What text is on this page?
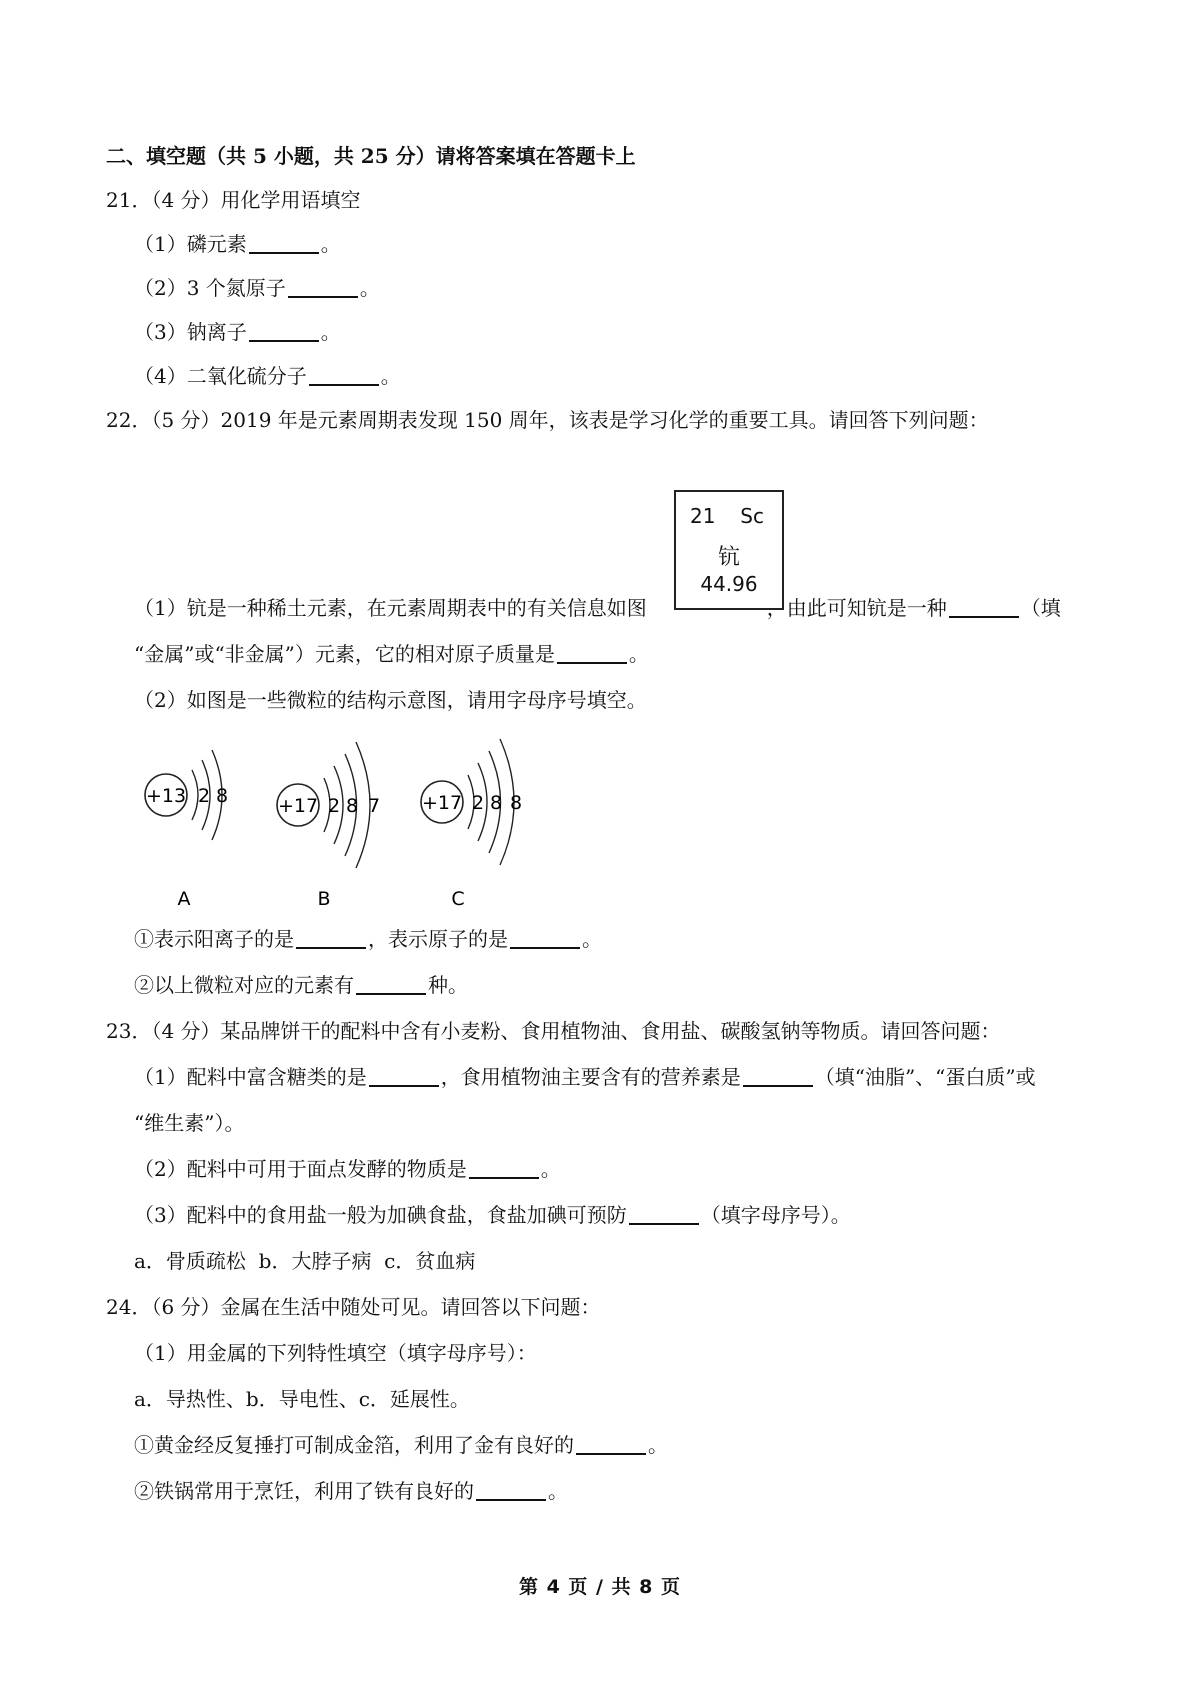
二、填空题（共 5 小题，共 25 分）请将答案填在答题卡上
21．（4 分）用化学用语填空
（1）磷元素	。
（2）3 个氮原子	。
（3）钠离子	。
（4）二氧化硫分子	。
22．（5 分）2019 年是元素周期表发现 150 周年，该表是学习化学的重要工具。请回答下列问题：
21 Sc
钪
44.96
（1）钪是一种稀土元素，在元素周期表中的有关信息如图	，由此可知钪是一种	（填
“金属”或“非金属”）元素，它的相对原子质量是	。
（2）如图是一些微粒的结构示意图，请用字母序号填空。
+13 2 8
A
+17 2 8 7
B
+17 2 8 8
C
①表示阳离子的是	，表示原子的是	。
②以上微粒对应的元素有	种。
23．（4 分）某品牌饼干的配料中含有小麦粉、食用植物油、食用盐、碳酸氢钠等物质。请回答问题：
（1）配料中富含糖类的是	，食用植物油主要含有的营养素是	（填“油脂”、“蛋白质”或
“维生素”）。
（2）配料中可用于面点发酵的物质是	。
（3）配料中的食用盐一般为加碘食盐，食盐加碘可预防	（填字母序号）。
a．骨质疏松  b．大脖子病  c．贫血病
24．（6 分）金属在生活中随处可见。请回答以下问题：
（1）用金属的下列特性填空（填字母序号）：
a．导热性、b．导电性、c．延展性。
①黄金经反复捶打可制成金箔，利用了金有良好的	。
②铁锅常用于烹饪，利用了铁有良好的	。
第 4 页 / 共 8 页
